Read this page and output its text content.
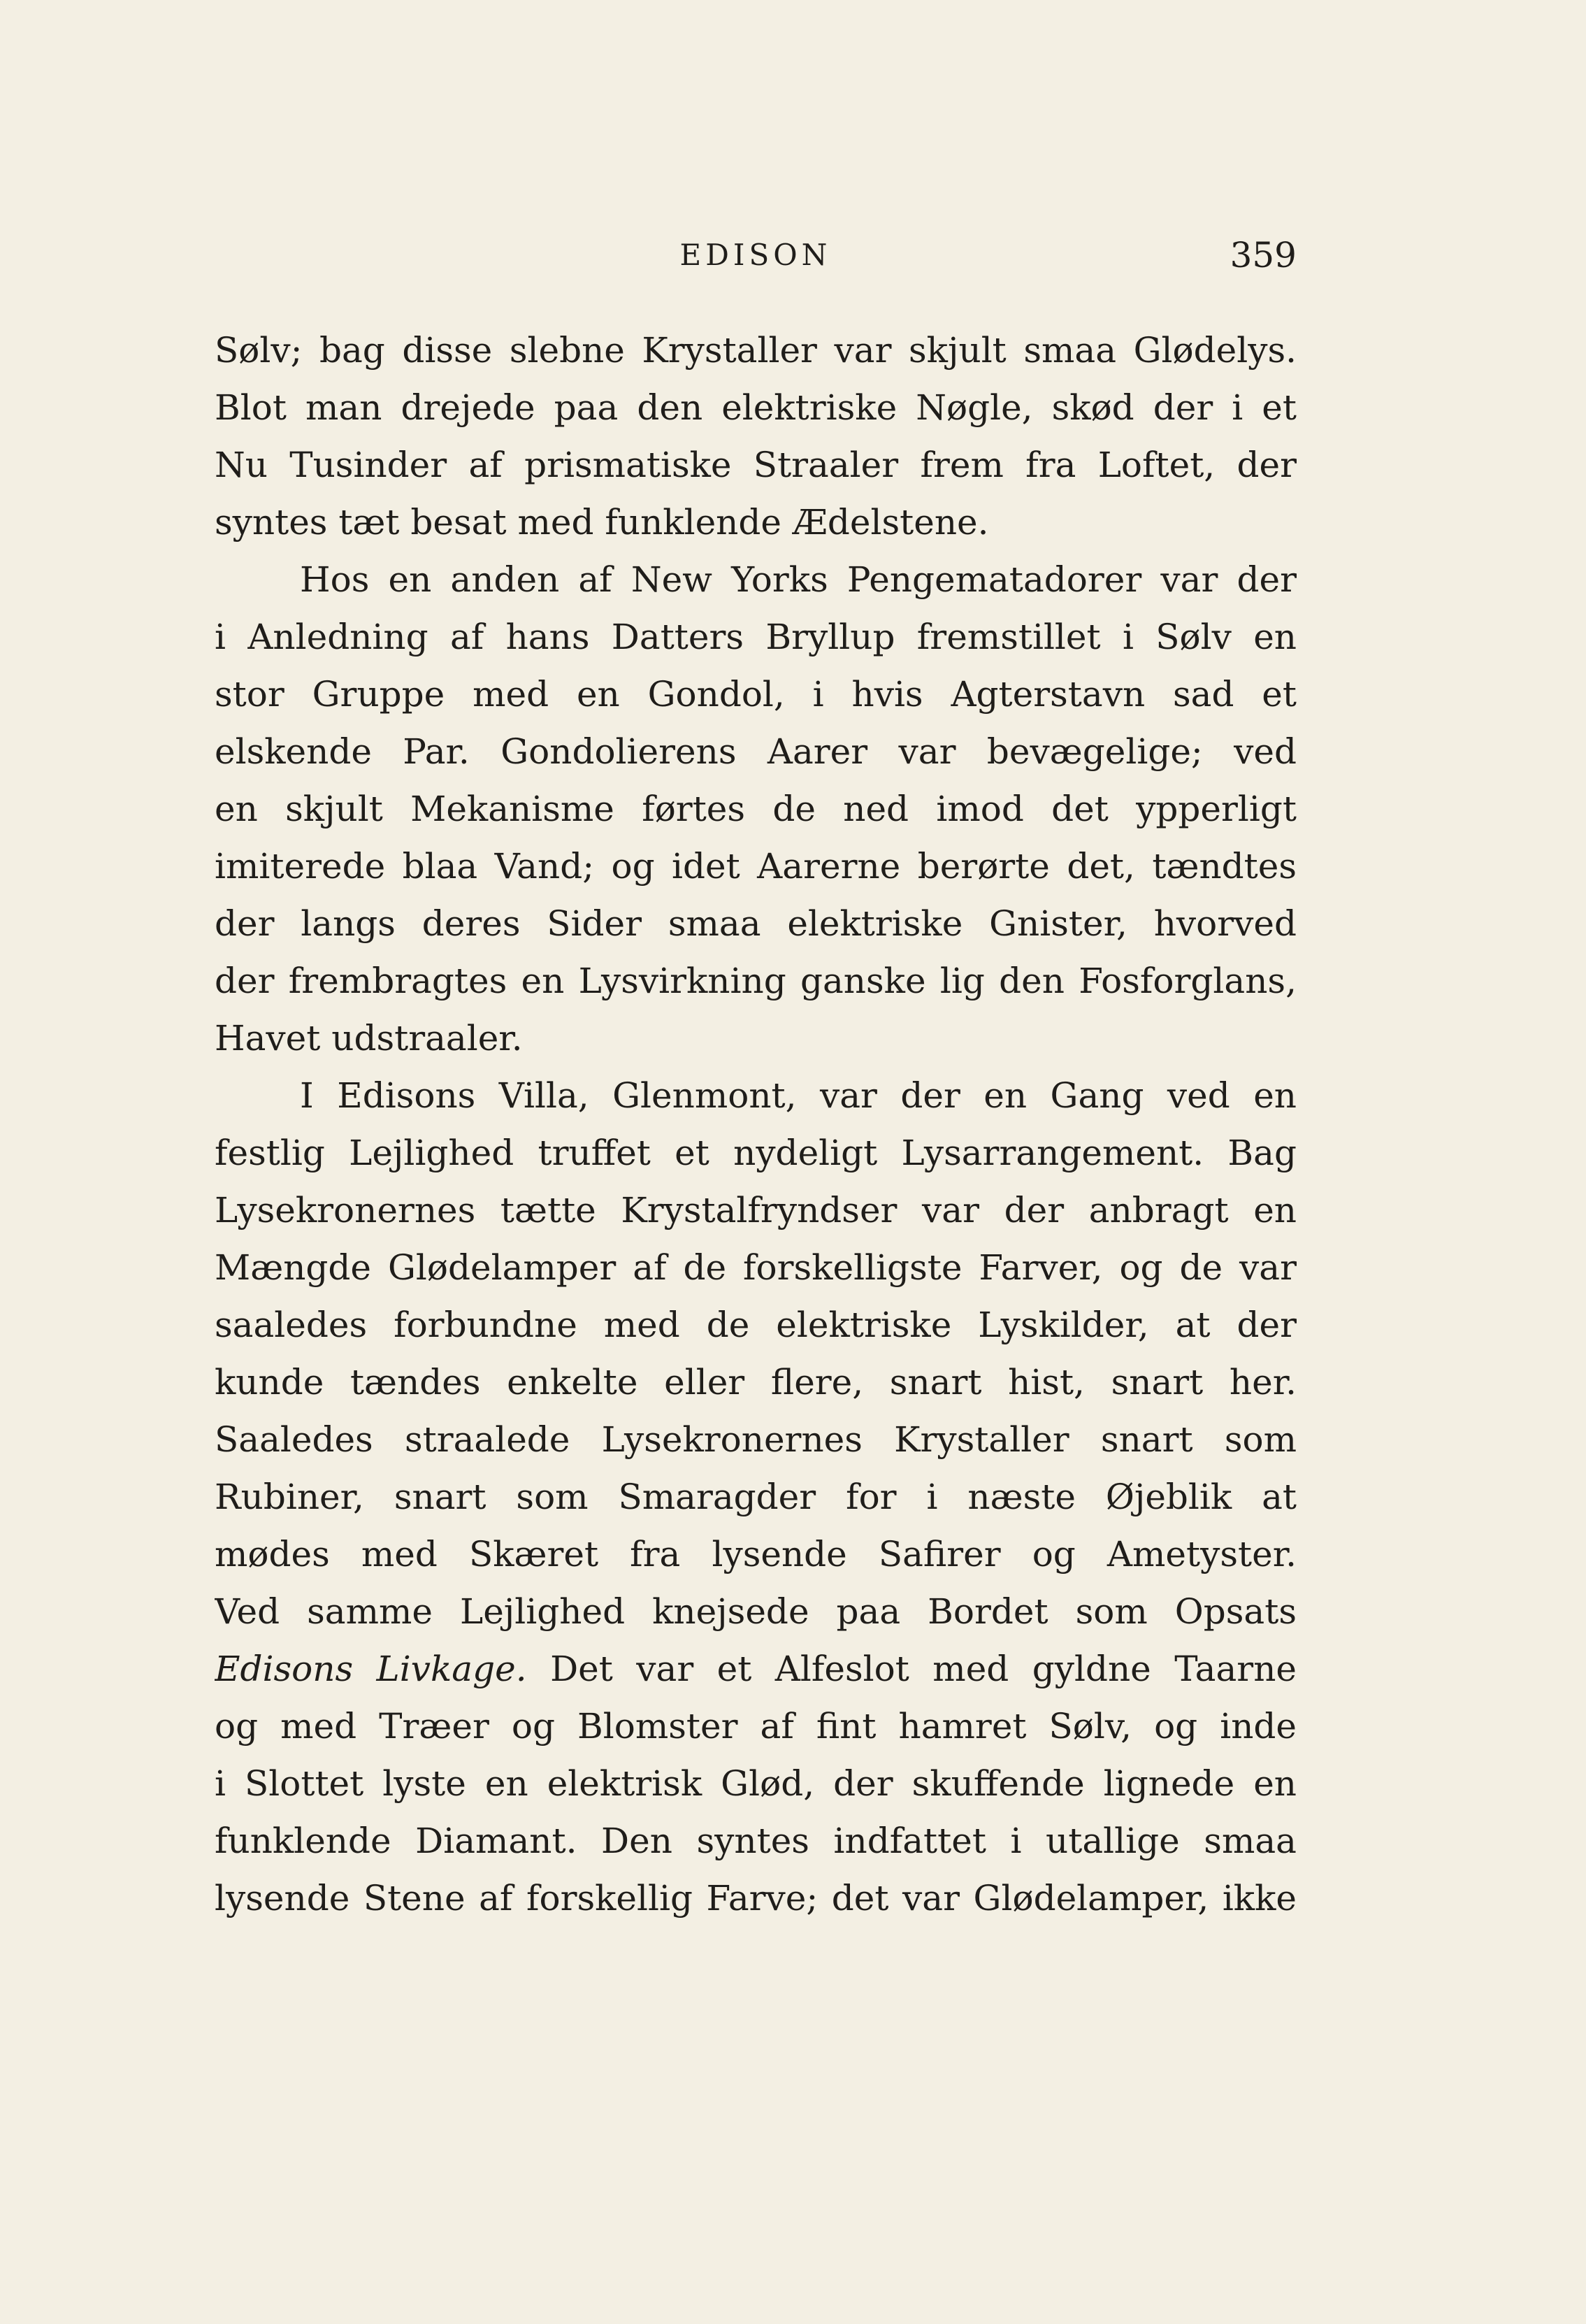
EDISON	359
Sølv; bag disse slebne Krystaller var skjult smaa Glødelys.
Blot man drejede paa den elektriske Nøgle, skød der i et
Nu Tusinder af prismatiske Straaler frem fra Loftet, der
syntes tæt besat med funklende Ædelstene.
Hos en anden af New Yorks Pengematadorer var der
i Anledning af hans Datters Bryllup fremstillet i Sølv en
stor Gruppe med en Gondol, i hvis Agterstavn sad et
elskende Par. Gondolierens Aarer var bevægelige; ved
en skjult Mekanisme førtes de ned imod det ypperligt
imiterede blaa Vand; og idet Aarerne berørte det, tændtes
der langs deres Sider smaa elektriske Gnister, hvorved
der frembragtes en Lysvirkning ganske lig den Fosforglans,
Havet udstraaler.
I Edisons Villa, Glenmont, var der en Gang ved en
festlig Lejlighed truffet et nydeligt Lysarrangement. Bag
Lysekronernes tætte Krystalfryndser var der anbragt en
Mængde Glødelamper af de forskelligste Farver, og de var
saaledes forbundne med de elektriske Lyskilder, at der
kunde tændes enkelte eller flere, snart hist, snart her.
Saaledes straalede Lysekronernes Krystaller snart som
Rubiner, snart som Smaragder for i næste Øjeblik at
mødes med Skæret fra lysende Safirer og Ametyster.
Ved samme Lejlighed knejsede paa Bordet som Opsats
Edisons Livkage. Det var et Alfeslot med gyldne Taarne
og med Træer og Blomster af fint hamret Sølv, og inde
i Slottet lyste en elektrisk Glød, der skuffende lignede en
funklende Diamant. Den syntes indfattet i utallige smaa
lysende Stene af forskellig Farve; det var Glødelamper, ikke
